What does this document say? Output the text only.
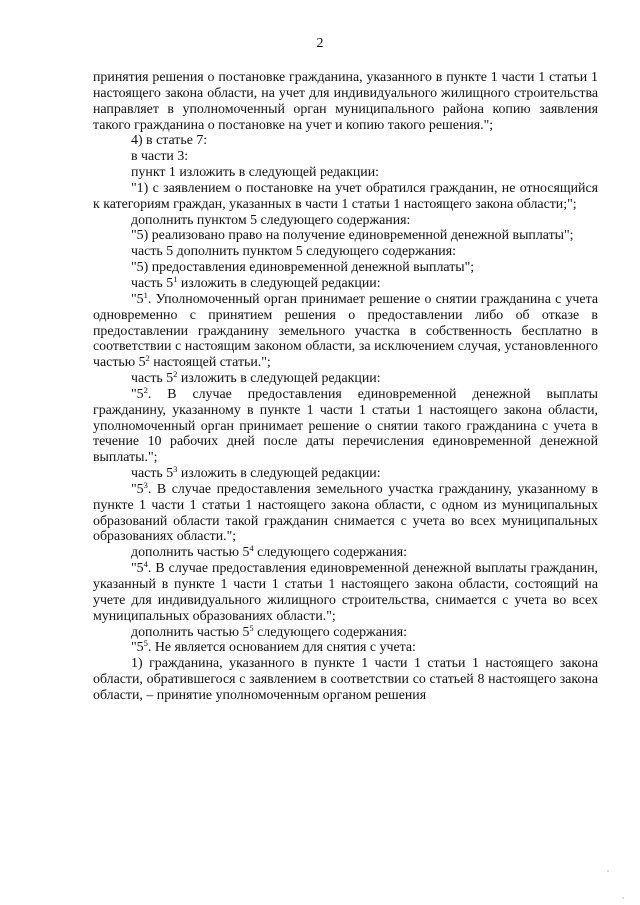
2
принятия решения о постановке гражданина, указанного в пункте 1 части 1 статьи 1 настоящего закона области, на учет для индивидуального жилищного строительства направляет в уполномоченный орган муниципального района копию заявления такого гражданина о постановке на учет и копию такого решения.";
4) в статье 7:
в части 3:
пункт 1 изложить в следующей редакции:
"1) с заявлением о постановке на учет обратился гражданин, не относящийся к категориям граждан, указанных в части 1 статьи 1 настоящего закона области;";
дополнить пунктом 5 следующего содержания:
"5) реализовано право на получение единовременной денежной выплаты";
часть 5 дополнить пунктом 5 следующего содержания:
"5) предоставления единовременной денежной выплаты";
часть $5^1$ изложить в следующей редакции:
"$5^1$. Уполномоченный орган принимает решение о снятии гражданина с учета одновременно с принятием решения о предоставлении либо об отказе в предоставлении гражданину земельного участка в собственность бесплатно в соответствии с настоящим законом области, за исключением случая, установленного частью $5^2$ настоящей статьи.";
часть $5^2$ изложить в следующей редакции:
"$5^2$. В случае предоставления единовременной денежной выплаты гражданину, указанному в пункте 1 части 1 статьи 1 настоящего закона области, уполномоченный орган принимает решение о снятии такого гражданина с учета в течение 10 рабочих дней после даты перечисления единовременной денежной выплаты.";
часть $5^3$ изложить в следующей редакции:
"$5^3$. В случае предоставления земельного участка гражданину, указанному в пункте 1 части 1 статьи 1 настоящего закона области, с одном из муниципальных образований области такой гражданин снимается с учета во всех муниципальных образованиях области.";
дополнить частью $5^4$ следующего содержания:
"$5^4$. В случае предоставления единовременной денежной выплаты гражданин, указанный в пункте 1 части 1 статьи 1 настоящего закона области, состоящий на учете для индивидуального жилищного строительства, снимается с учета во всех муниципальных образованиях области.";
дополнить частью $5^5$ следующего содержания:
"$5^5$. Не является основанием для снятия с учета:
1) гражданина, указанного в пункте 1 части 1 статьи 1 настоящего закона области, обратившегося с заявлением в соответствии со статьей 8 настоящего закона области, – принятие уполномоченным органом решения
